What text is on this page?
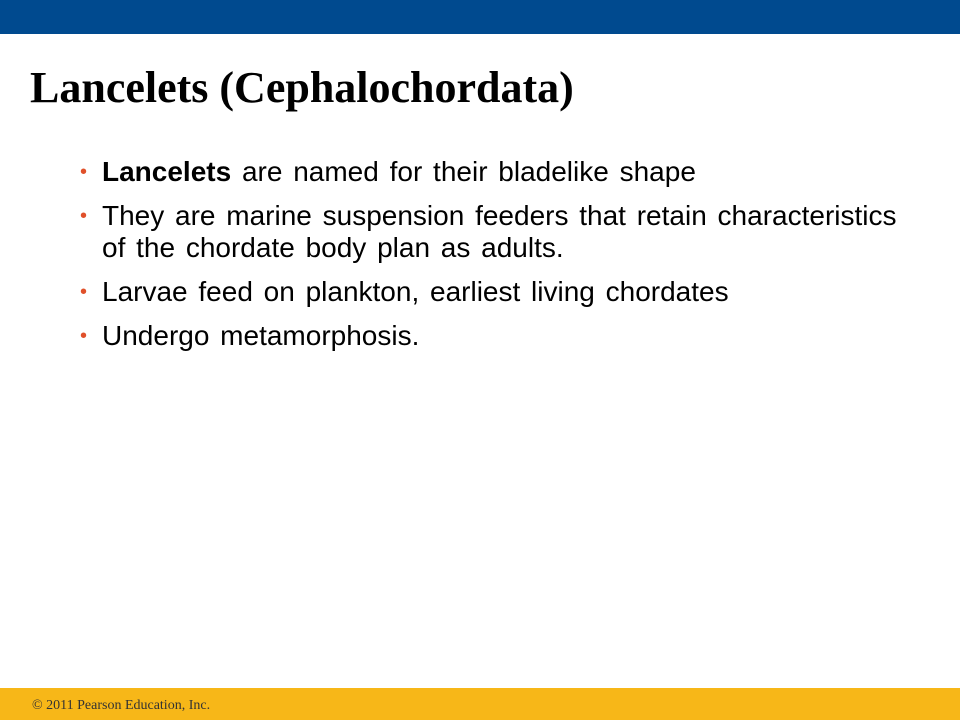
Lancelets (Cephalochordata)
• Lancelets are named for their bladelike shape
• They are marine suspension feeders that retain characteristics of the chordate body plan as adults.
• Larvae feed on plankton, earliest living chordates
• Undergo metamorphosis.
© 2011 Pearson Education, Inc.
